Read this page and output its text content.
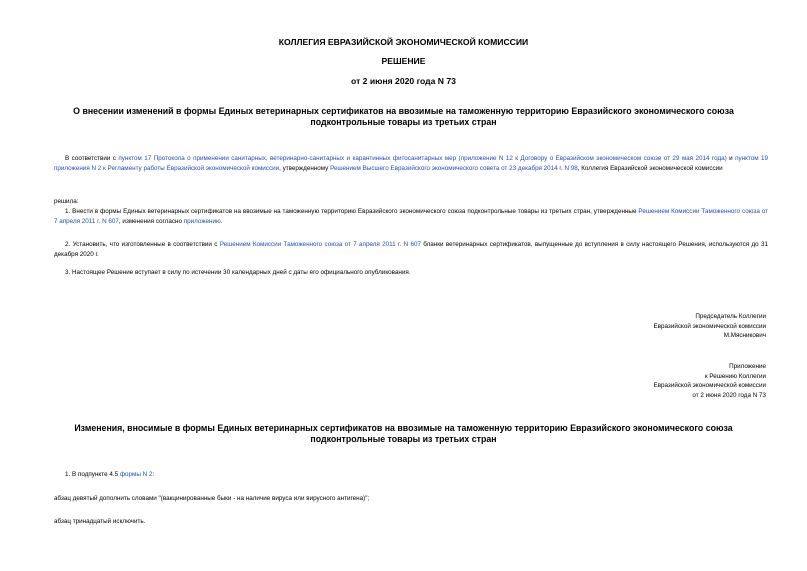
КОЛЛЕГИЯ ЕВРАЗИЙСКОЙ ЭКОНОМИЧЕСКОЙ КОМИССИИ
РЕШЕНИЕ
от 2 июня 2020 года N 73
О внесении изменений в формы Единых ветеринарных сертификатов на ввозимые на таможенную территорию Евразийского экономического союза
подконтрольные товары из третьих стран
В соответствии с пунктом 17 Протокола о применении санитарных, ветеринарно-санитарных и карантинных фитосанитарных мер (приложение N 12 к Договору о Евразийском экономическом союзе от 29 мая 2014 года) и пунктом 19 приложения N 2 к Регламенту работы Евразийской экономической комиссии, утвержденному Решением Высшего Евразийского экономического совета от 23 декабря 2014 г. N 98, Коллегия Евразийской экономической комиссии
решила:
1. Внести в формы Единых ветеринарных сертификатов на ввозимые на таможенную территорию Евразийского экономического союза подконтрольные товары из третьих стран, утвержденные Решением Комиссии Таможенного союза от 7 апреля 2011 г. N 607, изменения согласно приложению.
2. Установить, что изготовленные в соответствии с Решением Комиссии Таможенного союза от 7 апреля 2011 г. N 607 бланки ветеринарных сертификатов, выпущенные до вступления в силу настоящего Решения, используются до 31 декабря 2020 г.
3. Настоящее Решение вступает в силу по истечении 30 календарных дней с даты его официального опубликования.
Председатель Коллегии
Евразийской экономической комиссии
М.Мясникович
Приложение
к Решению Коллегии
Евразийской экономической комиссии
от 2 июня 2020 года N 73
Изменения, вносимые в формы Единых ветеринарных сертификатов на ввозимые на таможенную территорию Евразийского экономического союза
подконтрольные товары из третьих стран
1. В подпункте 4.5 формы N 2:
абзац девятый дополнить словами "(вакцинированные быки - на наличие вируса или вирусного антигена)";
абзац тринадцатый исключить.
